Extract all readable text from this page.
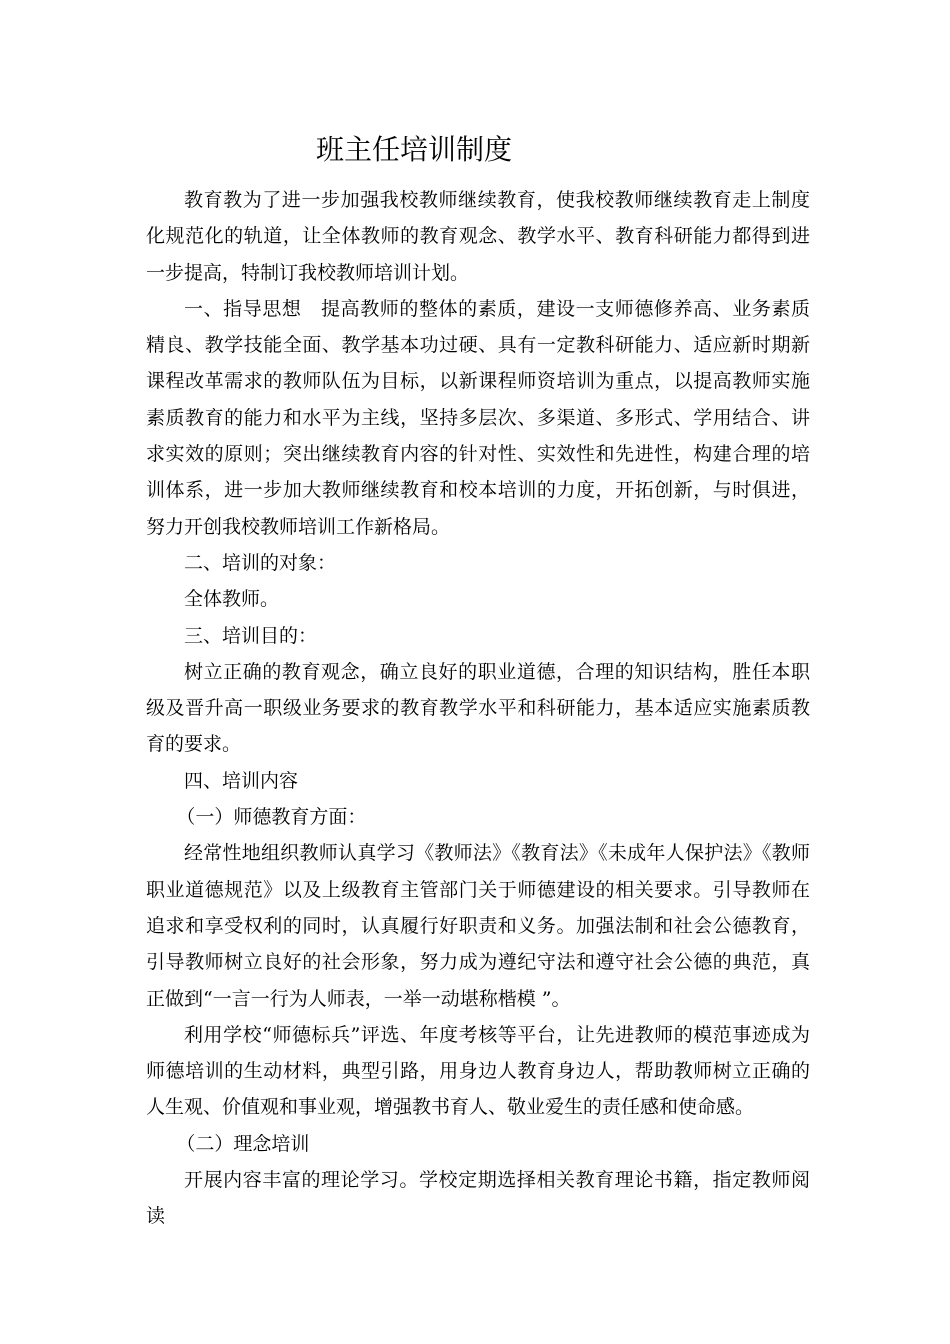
班主任培训制度

教育教为了进一步加强我校教师继续教育，使我校教师继续教育走上制度化规范化的轨道，让全体教师的教育观念、教学水平、教育科研能力都得到进一步提高，特制订我校教师培训计划。

一、指导思想　提高教师的整体的素质，建设一支师德修养高、业务素质精良、教学技能全面、教学基本功过硬、具有一定教科研能力、适应新时期新课程改革需求的教师队伍为目标，以新课程师资培训为重点，以提高教师实施素质教育的能力和水平为主线，坚持多层次、多渠道、多形式、学用结合、讲求实效的原则；突出继续教育内容的针对性、实效性和先进性，构建合理的培训体系，进一步加大教师继续教育和校本培训的力度，开拓创新，与时俱进，努力开创我校教师培训工作新格局。

二、培训的对象：

全体教师。

三、培训目的：

树立正确的教育观念，确立良好的职业道德，合理的知识结构，胜任本职级及晋升高一职级业务要求的教育教学水平和科研能力，基本适应实施素质教育的要求。

四、培训内容

（一）师德教育方面：

经常性地组织教师认真学习《教师法》《教育法》《未成年人保护法》《教师职业道德规范》以及上级教育主管部门关于师德建设的相关要求。引导教师在追求和享受权利的同时，认真履行好职责和义务。加强法制和社会公德教育，引导教师树立良好的社会形象，努力成为遵纪守法和遵守社会公德的典范，真正做到“一言一行为人师表，一举一动堪称楷模 ”。

利用学校“师德标兵”评选、年度考核等平台，让先进教师的模范事迹成为师德培训的生动材料，典型引路，用身边人教育身边人，帮助教师树立正确的人生观、价值观和事业观，增强教书育人、敬业爱生的责任感和使命感。

（二）理念培训

开展内容丰富的理论学习。学校定期选择相关教育理论书籍，指定教师阅读
